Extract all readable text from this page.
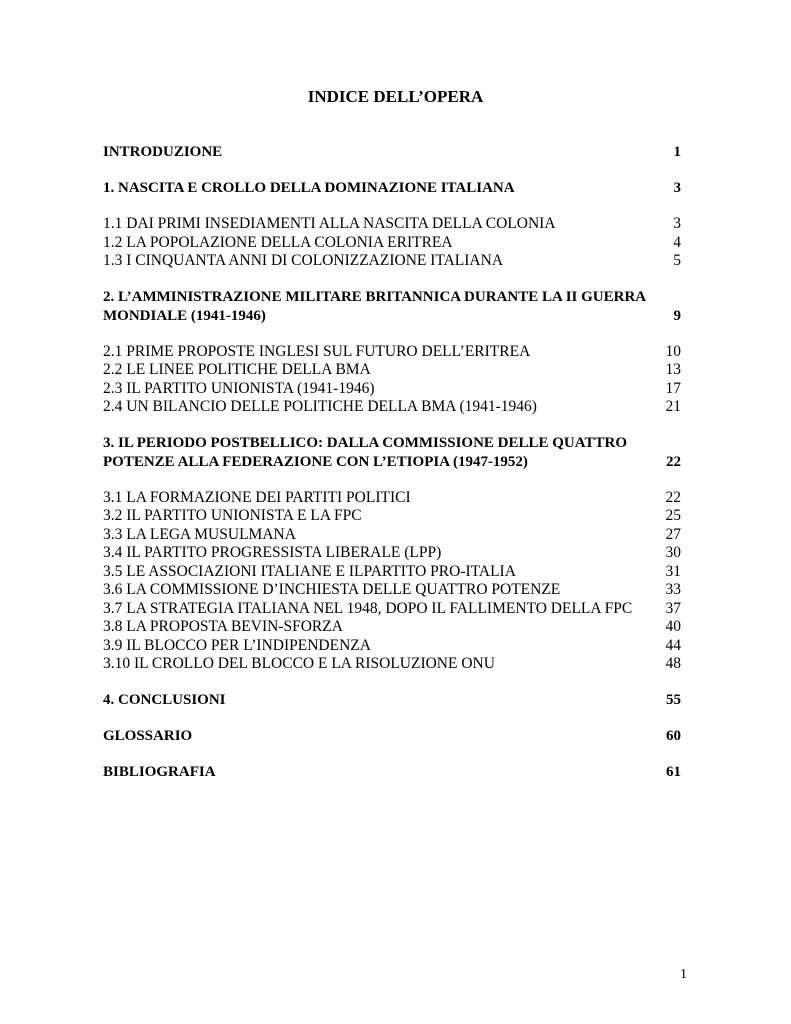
INDICE DELL’OPERA
INTRODUZIONE	1
1. NASCITA E CROLLO DELLA DOMINAZIONE ITALIANA	3
1.1 DAI PRIMI INSEDIAMENTI ALLA NASCITA DELLA COLONIA	3
1.2 LA POPOLAZIONE DELLA COLONIA ERITREA	4
1.3 I CINQUANTA ANNI DI COLONIZZAZIONE ITALIANA	5
2. L’AMMINISTRAZIONE MILITARE BRITANNICA DURANTE LA II GUERRA MONDIALE (1941-1946)	9
2.1 PRIME PROPOSTE INGLESI SUL FUTURO DELL’ERITREA	10
2.2 LE LINEE POLITICHE DELLA BMA	13
2.3 IL PARTITO UNIONISTA (1941-1946)	17
2.4 UN BILANCIO DELLE POLITICHE DELLA BMA (1941-1946)	21
3. IL PERIODO POSTBELLICO: DALLA COMMISSIONE DELLE QUATTRO POTENZE ALLA FEDERAZIONE CON L’ETIOPIA (1947-1952)	22
3.1 LA FORMAZIONE DEI PARTITI POLITICI	22
3.2 IL PARTITO UNIONISTA E LA FPC	25
3.3 LA LEGA MUSULMANA	27
3.4 IL PARTITO PROGRESSISTA LIBERALE (LPP)	30
3.5 LE ASSOCIAZIONI ITALIANE E ILPARTITO PRO-ITALIA	31
3.6 LA COMMISSIONE D’INCHIESTA DELLE QUATTRO POTENZE	33
3.7 LA STRATEGIA ITALIANA NEL 1948, DOPO IL FALLIMENTO DELLA FPC	37
3.8 LA PROPOSTA BEVIN-SFORZA	40
3.9 IL BLOCCO PER L’INDIPENDENZA	44
3.10 IL CROLLO DEL BLOCCO E LA RISOLUZIONE ONU	48
4. CONCLUSIONI	55
GLOSSARIO	60
BIBLIOGRAFIA	61
1
